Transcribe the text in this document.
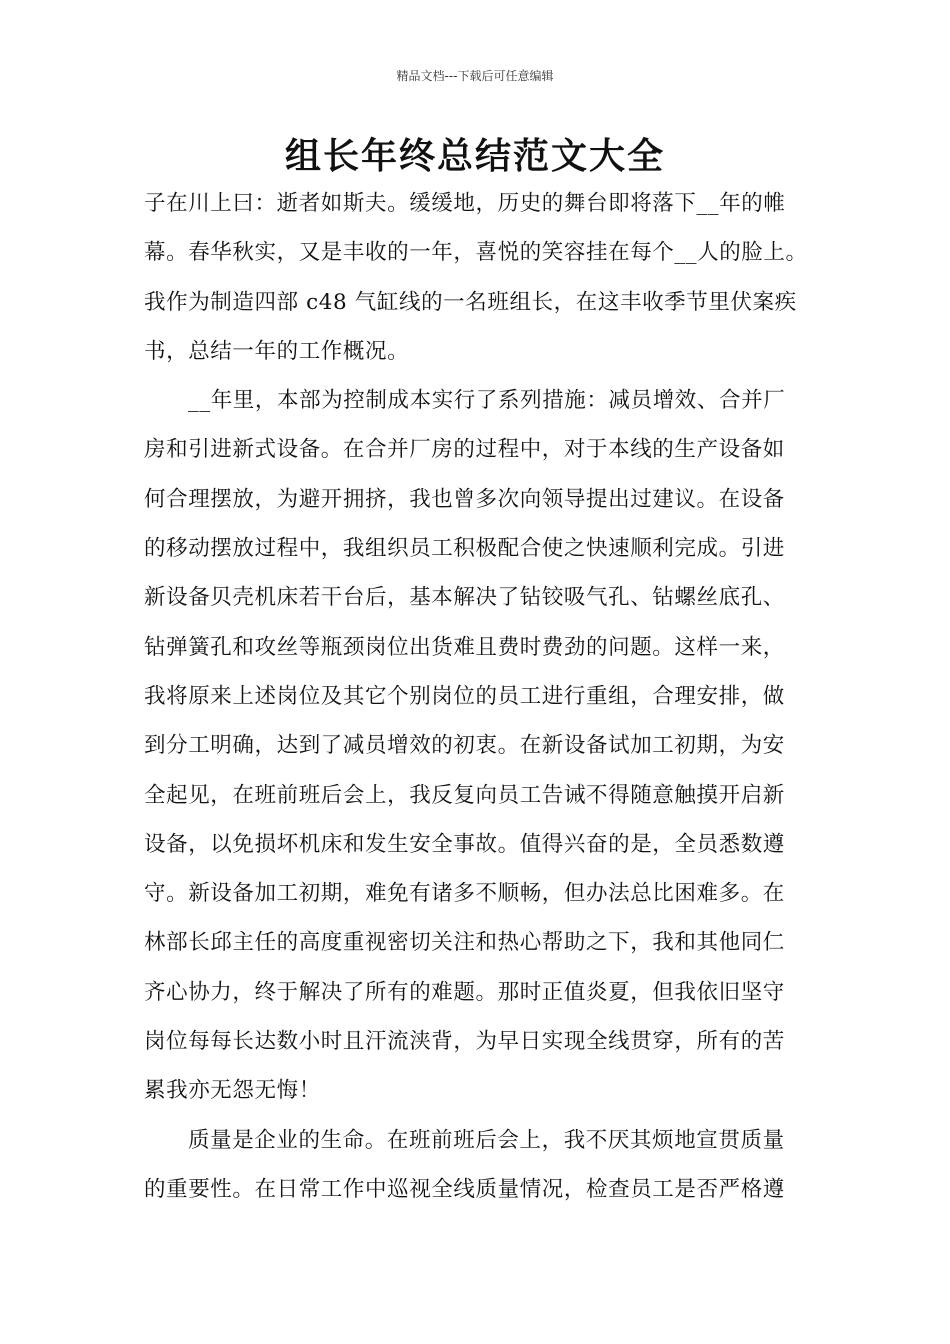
精品文档---下载后可任意编辑
组长年终总结范文大全
子在川上曰：逝者如斯夫。缓缓地，历史的舞台即将落下__年的帷
幕。春华秋实，又是丰收的一年，喜悦的笑容挂在每个__人的脸上。
我作为制造四部 c48 气缸线的一名班组长，在这丰收季节里伏案疾
书，总结一年的工作概况。
__年里，本部为控制成本实行了系列措施：减员增效、合并厂
房和引进新式设备。在合并厂房的过程中，对于本线的生产设备如
何合理摆放，为避开拥挤，我也曾多次向领导提出过建议。在设备
的移动摆放过程中，我组织员工积极配合使之快速顺利完成。引进
新设备贝壳机床若干台后，基本解决了钻铰吸气孔、钻螺丝底孔、
钻弹簧孔和攻丝等瓶颈岗位出货难且费时费劲的问题。这样一来，
我将原来上述岗位及其它个别岗位的员工进行重组，合理安排，做
到分工明确，达到了减员增效的初衷。在新设备试加工初期，为安
全起见，在班前班后会上，我反复向员工告诫不得随意触摸开启新
设备，以免损坏机床和发生安全事故。值得兴奋的是，全员悉数遵
守。新设备加工初期，难免有诸多不顺畅，但办法总比困难多。在
林部长邱主任的高度重视密切关注和热心帮助之下，我和其他同仁
齐心协力，终于解决了所有的难题。那时正值炎夏，但我依旧坚守
岗位每每长达数小时且汗流浃背，为早日实现全线贯穿，所有的苦
累我亦无怨无悔！
质量是企业的生命。在班前班后会上，我不厌其烦地宣贯质量
的重要性。在日常工作中巡视全线质量情况，检查员工是否严格遵
